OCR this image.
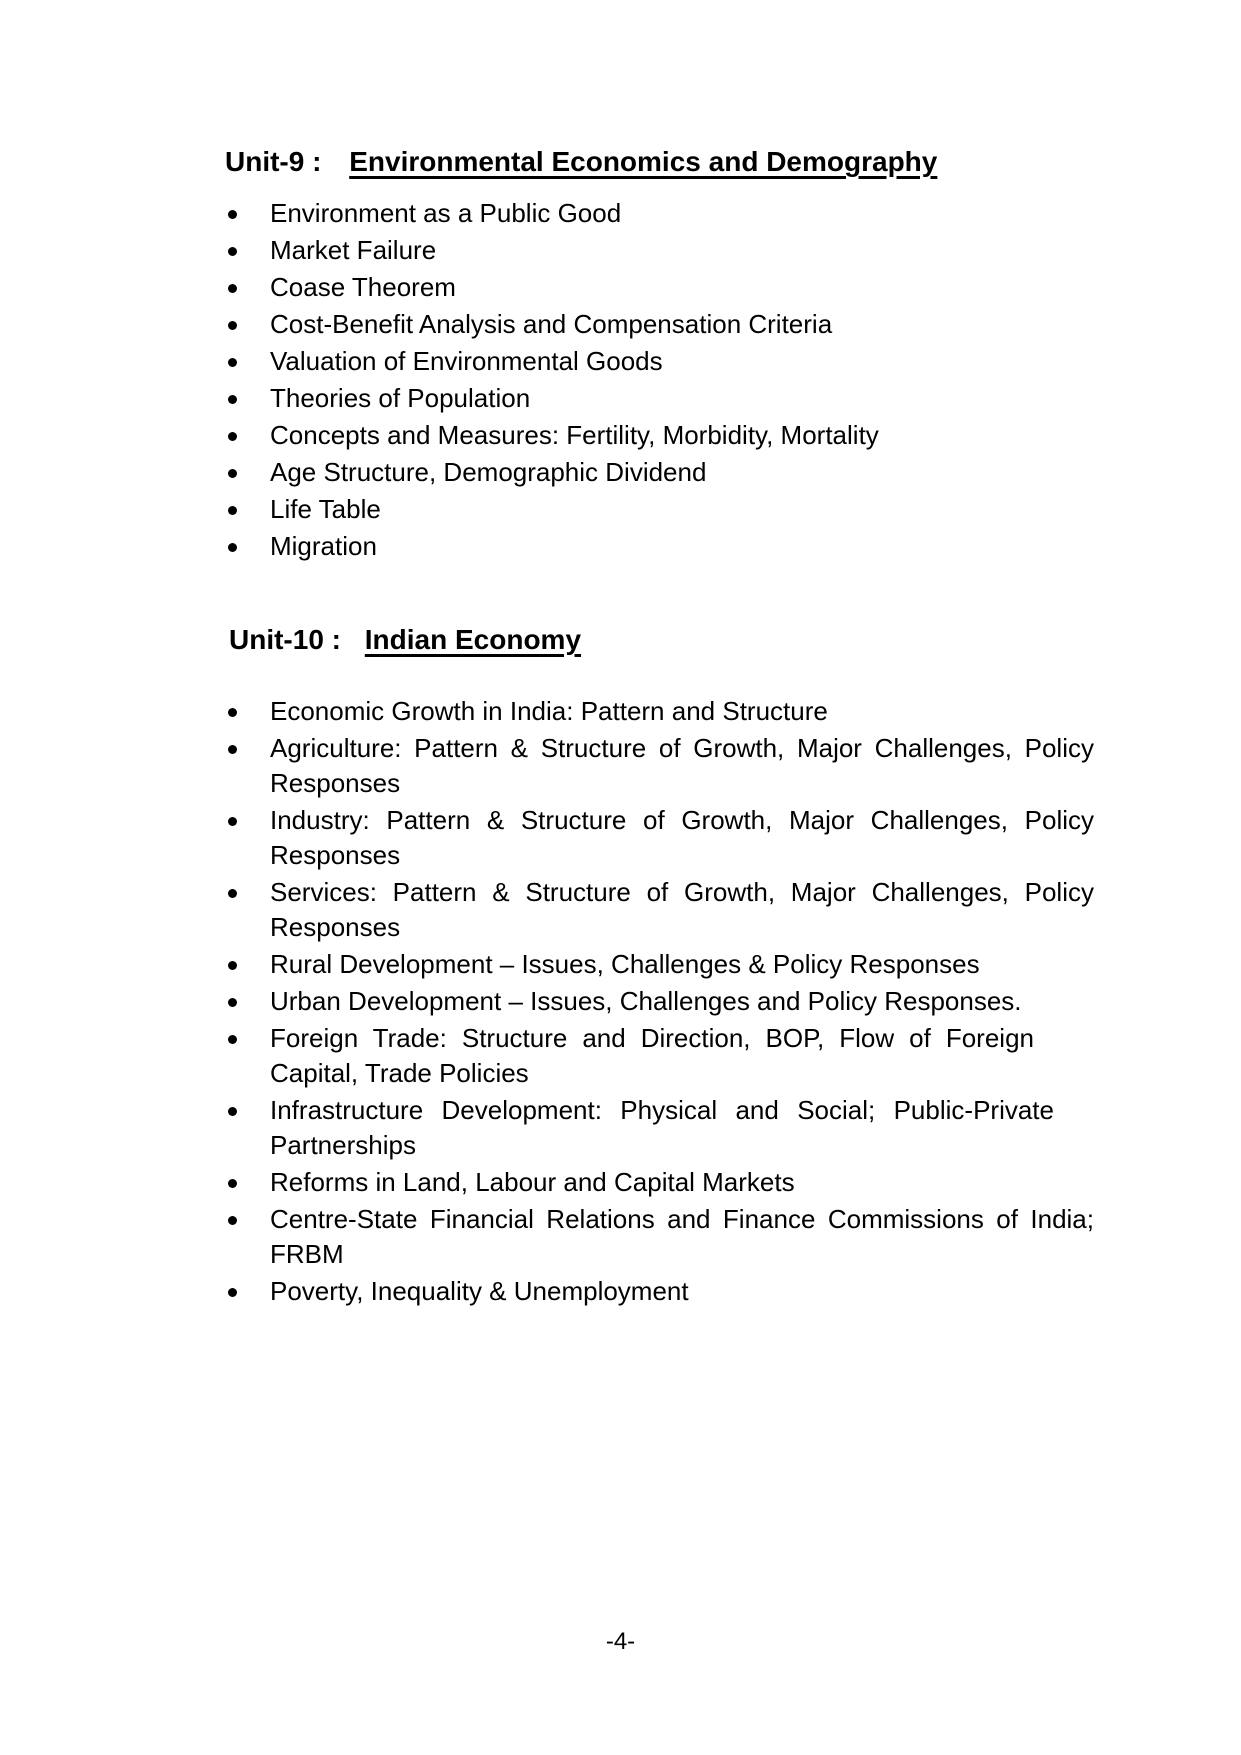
Unit-9 : Environmental Economics and Demography
Environment as a Public Good
Market Failure
Coase Theorem
Cost-Benefit Analysis and Compensation Criteria
Valuation of Environmental Goods
Theories of Population
Concepts and Measures: Fertility, Morbidity, Mortality
Age Structure, Demographic Dividend
Life Table
Migration
Unit-10 : Indian Economy
Economic Growth in India: Pattern and Structure
Agriculture: Pattern & Structure of Growth, Major Challenges, Policy Responses
Industry: Pattern & Structure of Growth, Major Challenges, Policy Responses
Services: Pattern & Structure of Growth, Major Challenges, Policy Responses
Rural Development – Issues, Challenges & Policy Responses
Urban Development – Issues, Challenges and Policy Responses.
Foreign Trade: Structure and Direction, BOP, Flow of Foreign Capital, Trade Policies
Infrastructure Development: Physical and Social; Public-Private Partnerships
Reforms in Land, Labour and Capital Markets
Centre-State Financial Relations and Finance Commissions of India; FRBM
Poverty, Inequality & Unemployment
-4-
